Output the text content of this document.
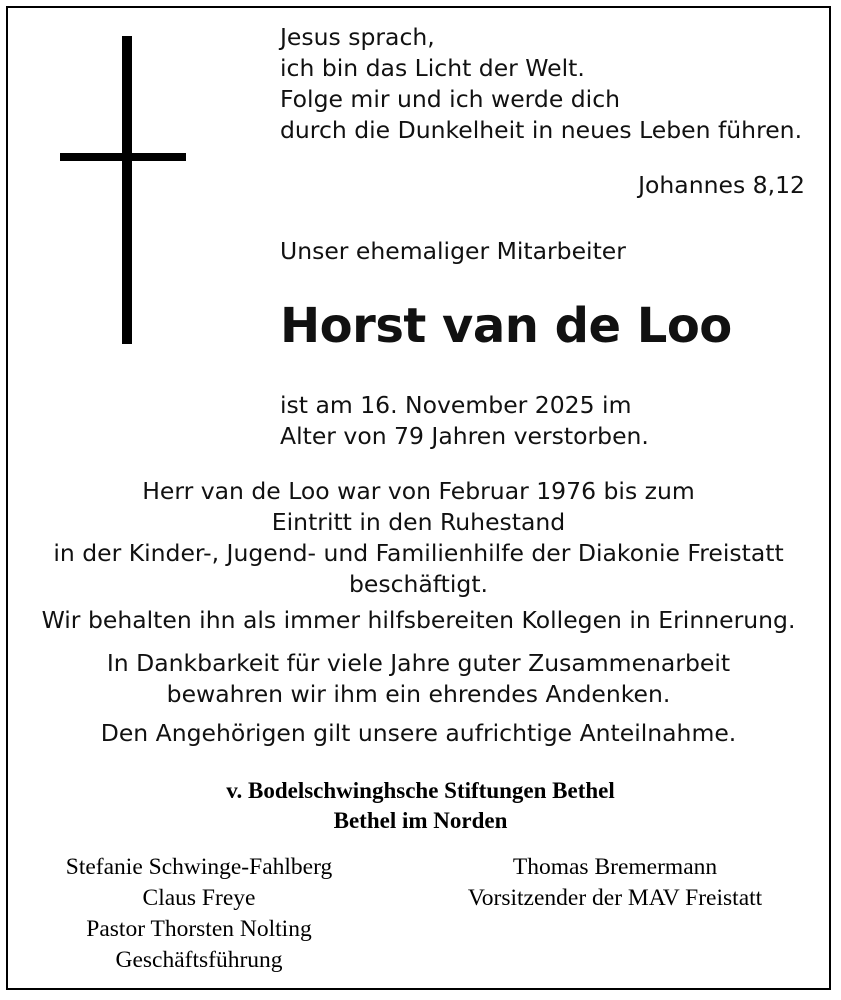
Jesus sprach,
ich bin das Licht der Welt.
Folge mir und ich werde dich
durch die Dunkelheit in neues Leben führen.
Johannes 8,12
Unser ehemaliger Mitarbeiter
Horst van de Loo
ist am 16. November 2025 im
Alter von 79 Jahren verstorben.
Herr van de Loo war von Februar 1976 bis zum
Eintritt in den Ruhestand
in der Kinder-, Jugend- und Familienhilfe der Diakonie Freistatt
beschäftigt.
Wir behalten ihn als immer hilfsbereiten Kollegen in Erinnerung.
In Dankbarkeit für viele Jahre guter Zusammenarbeit
bewahren wir ihm ein ehrendes Andenken.
Den Angehörigen gilt unsere aufrichtige Anteilnahme.
v. Bodelschwinghsche Stiftungen Bethel
Bethel im Norden
Stefanie Schwinge-Fahlberg
Claus Freye
Pastor Thorsten Nolting
Geschäftsführung
Thomas Bremermann
Vorsitzender der MAV Freistatt
